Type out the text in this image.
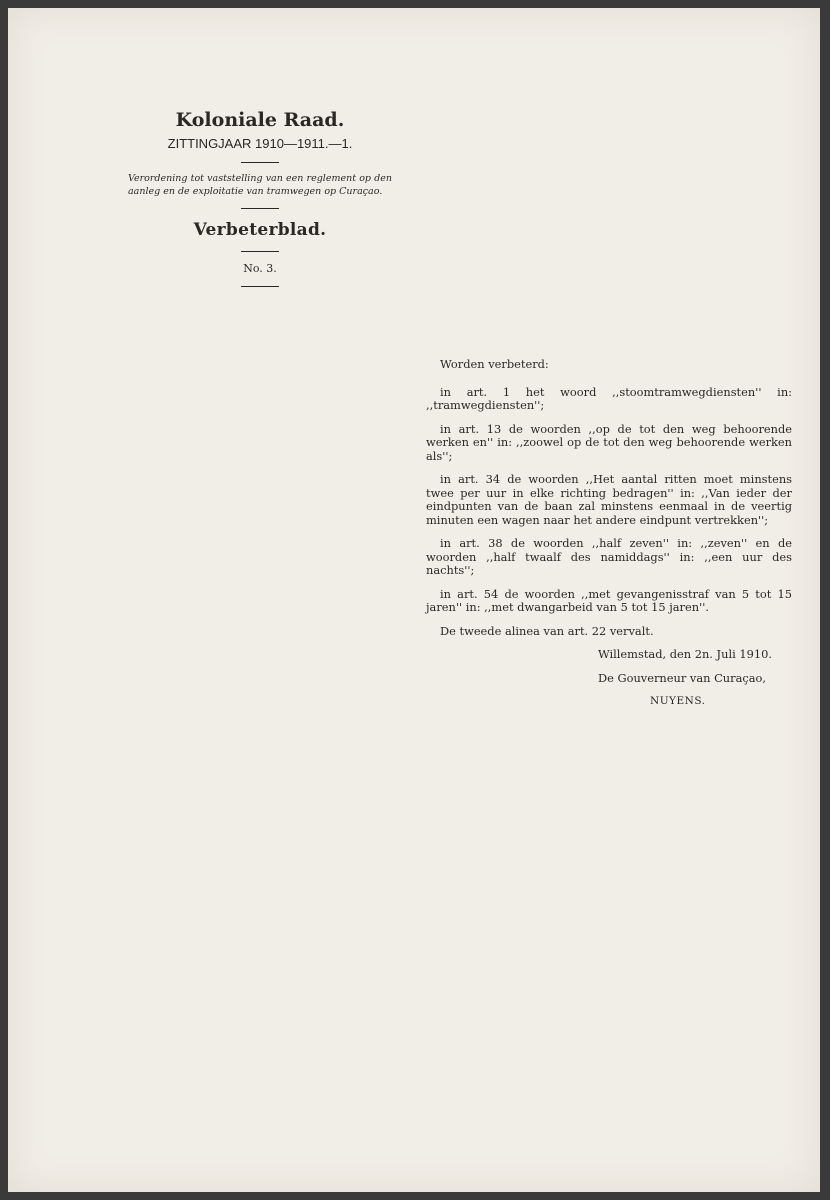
Koloniale Raad.

ZITTINGJAAR 1910—1911.—1.

Verordening tot vaststelling van een reglement op den aanleg en de exploitatie van tramwegen op Curaçao.

Verbeterblad.

No. 3.

Worden verbeterd:

in art. 1 het woord ,,stoomtramwegdiensten'' in: ,,tramwegdiensten'';

in art. 13 de woorden ,,op de tot den weg behoorende werken en'' in: ,,zoowel op de tot den weg behoorende werken als'';

in art. 34 de woorden ,,Het aantal ritten moet minstens twee per uur in elke richting bedragen'' in: ,,Van ieder der eindpunten van de baan zal minstens eenmaal in de veertig minuten een wagen naar het andere eindpunt vertrekken'';

in art. 38 de woorden ,,half zeven'' in: ,,zeven'' en de woorden ,,half twaalf des namiddags'' in: ,,een uur des nachts'';

in art. 54 de woorden ,,met gevangenisstraf van 5 tot 15 jaren'' in: ,,met dwangarbeid van 5 tot 15 jaren''.

De tweede alinea van art. 22 vervalt.

Willemstad, den 2n. Juli 1910.

De Gouverneur van Curaçao,

NUYENS.
